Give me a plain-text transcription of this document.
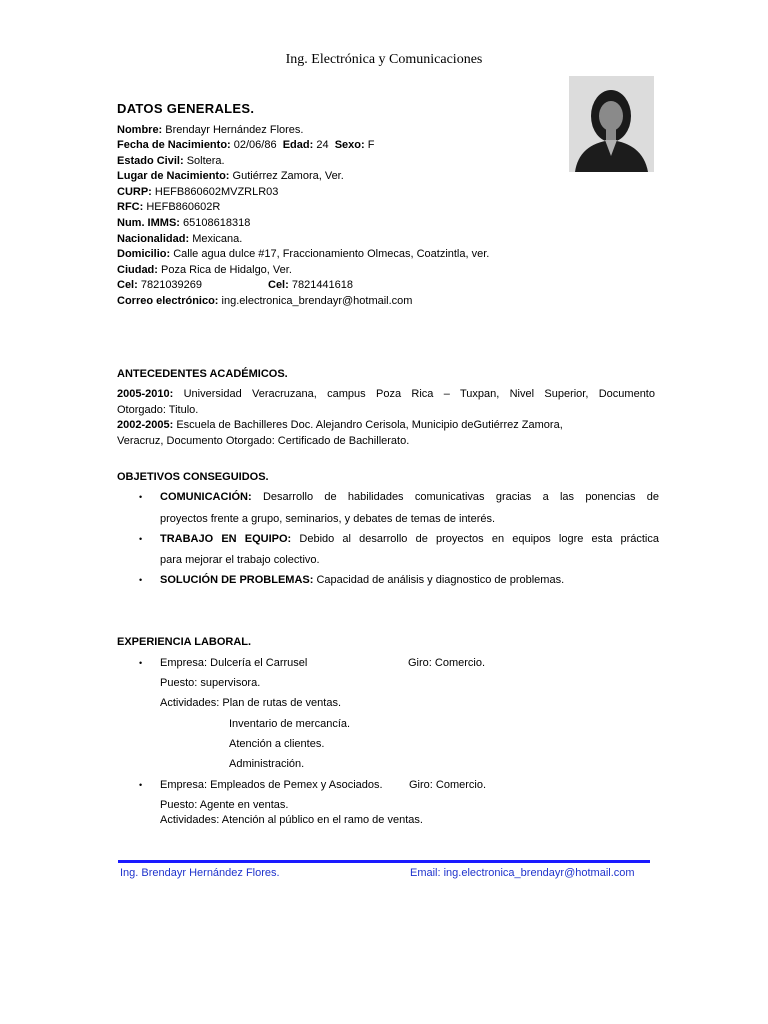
Ing. Electrónica y Comunicaciones
DATOS GENERALES.
Nombre: Brendayr Hernández Flores.
Fecha de Nacimiento: 02/06/86 Edad: 24 Sexo: F
Estado Civil: Soltera.
Lugar de Nacimiento: Gutiérrez Zamora, Ver.
CURP: HEFB860602MVZRLR03
RFC: HEFB860602R
Num. IMMS: 65108618318
Nacionalidad: Mexicana.
Domicilio: Calle agua dulce #17, Fraccionamiento Olmecas, Coatzintla, ver.
Ciudad: Poza Rica de Hidalgo, Ver.
Cel: 7821039269	Cel: 7821441618
Correo electrónico: ing.electronica_brendayr@hotmail.com
ANTECEDENTES ACADÉMICOS.
2005-2010: Universidad Veracruzana, campus Poza Rica – Tuxpan, Nivel Superior, Documento
Otorgado: Titulo.
2002-2005: Escuela de Bachilleres Doc. Alejandro Cerisola, Municipio deGutiérrez Zamora,
Veracruz, Documento Otorgado: Certificado de Bachillerato.
OBJETIVOS CONSEGUIDOS.
• COMUNICACIÓN: Desarrollo de habilidades comunicativas gracias a las ponencias de
proyectos frente a grupo, seminarios, y debates de temas de interés.
• TRABAJO EN EQUIPO: Debido al desarrollo de proyectos en equipos logre esta práctica
para mejorar el trabajo colectivo.
• SOLUCIÓN DE PROBLEMAS: Capacidad de análisis y diagnostico de problemas.
EXPERIENCIA LABORAL.
• Empresa: Dulcería el Carrusel	Giro: Comercio.
Puesto: supervisora.
Actividades: Plan de rutas de ventas.
Inventario de mercancía.
Atención a clientes.
Administración.
• Empresa: Empleados de Pemex y Asociados. Giro: Comercio.
Puesto: Agente en ventas.
Actividades: Atención al público en el ramo de ventas.
Ing. Brendayr Hernández Flores.	Email: ing.electronica_brendayr@hotmail.com
